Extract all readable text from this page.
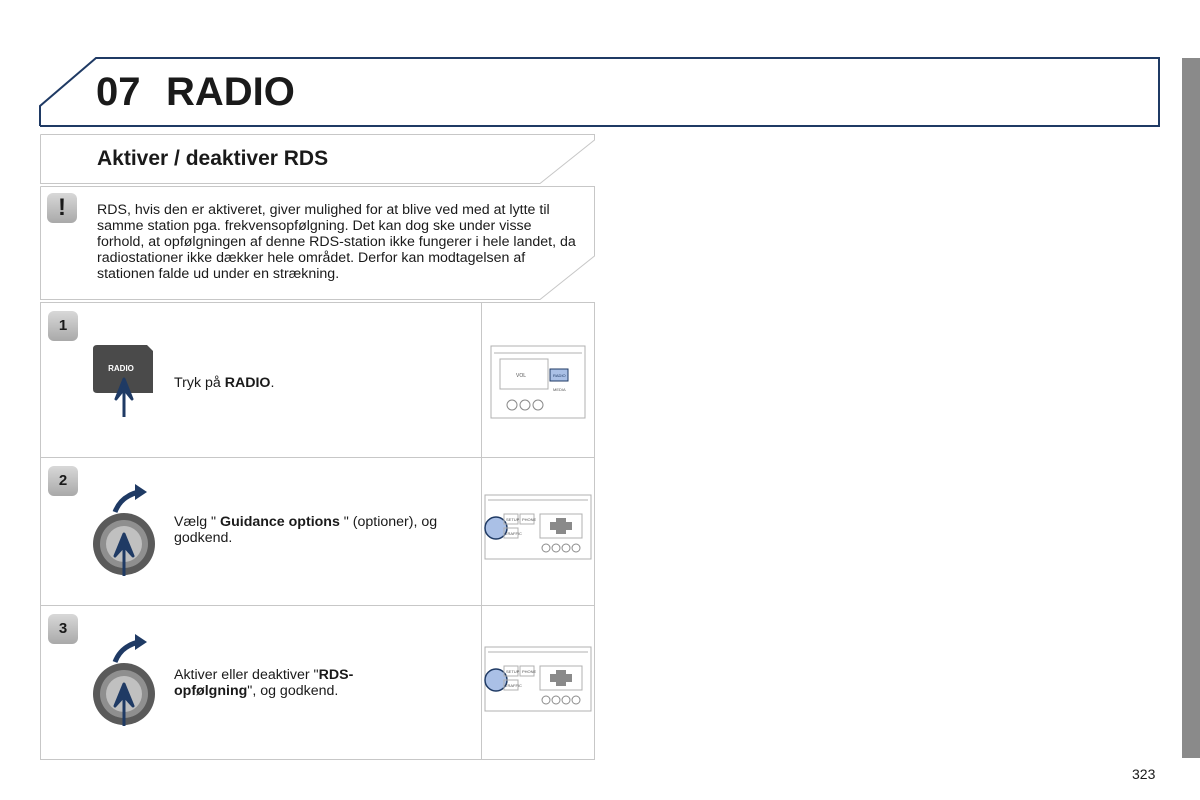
07 RADIO
Aktiver / deaktiver RDS
!	RDS, hvis den er aktiveret, giver mulighed for at blive ved med at lytte til samme station pga. frekvensopfølgning. Det kan dog ske under visse forhold, at opfølgningen af denne RDS-station ikke fungerer i hele landet, da radiostationer ikke dækker hele området. Derfor kan modtagelsen af stationen falde ud under en strækning.

1
RADIO

Tryk på RADIO.	VOL	RADIO
MEDIA
2

Vælg " Guidance options " (optioner), og godkend.

SETUP PHONE
TRAFFIC
3

Aktiver eller deaktiver "RDS-opfølgning", og godkend.

SETUP PHONE
TRAFFIC
323
